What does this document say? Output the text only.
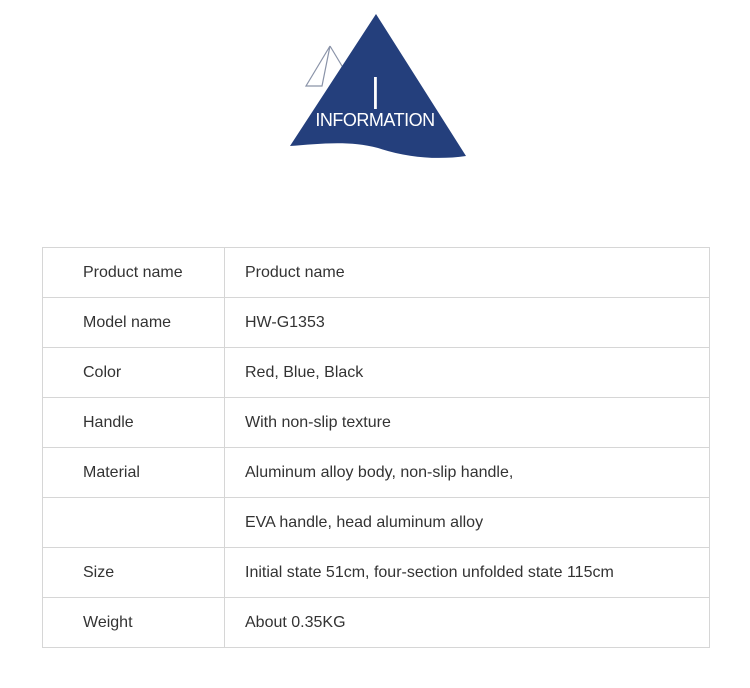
|
INFORMATION
Product name	Product name
Model name	HW-G1353
Color	Red, Blue, Black
Handle	With non-slip texture
Material	Aluminum alloy body, non-slip handle,
	EVA handle, head aluminum alloy
Size	Initial state 51cm, four-section unfolded state 115cm
Weight	About 0.35KG
